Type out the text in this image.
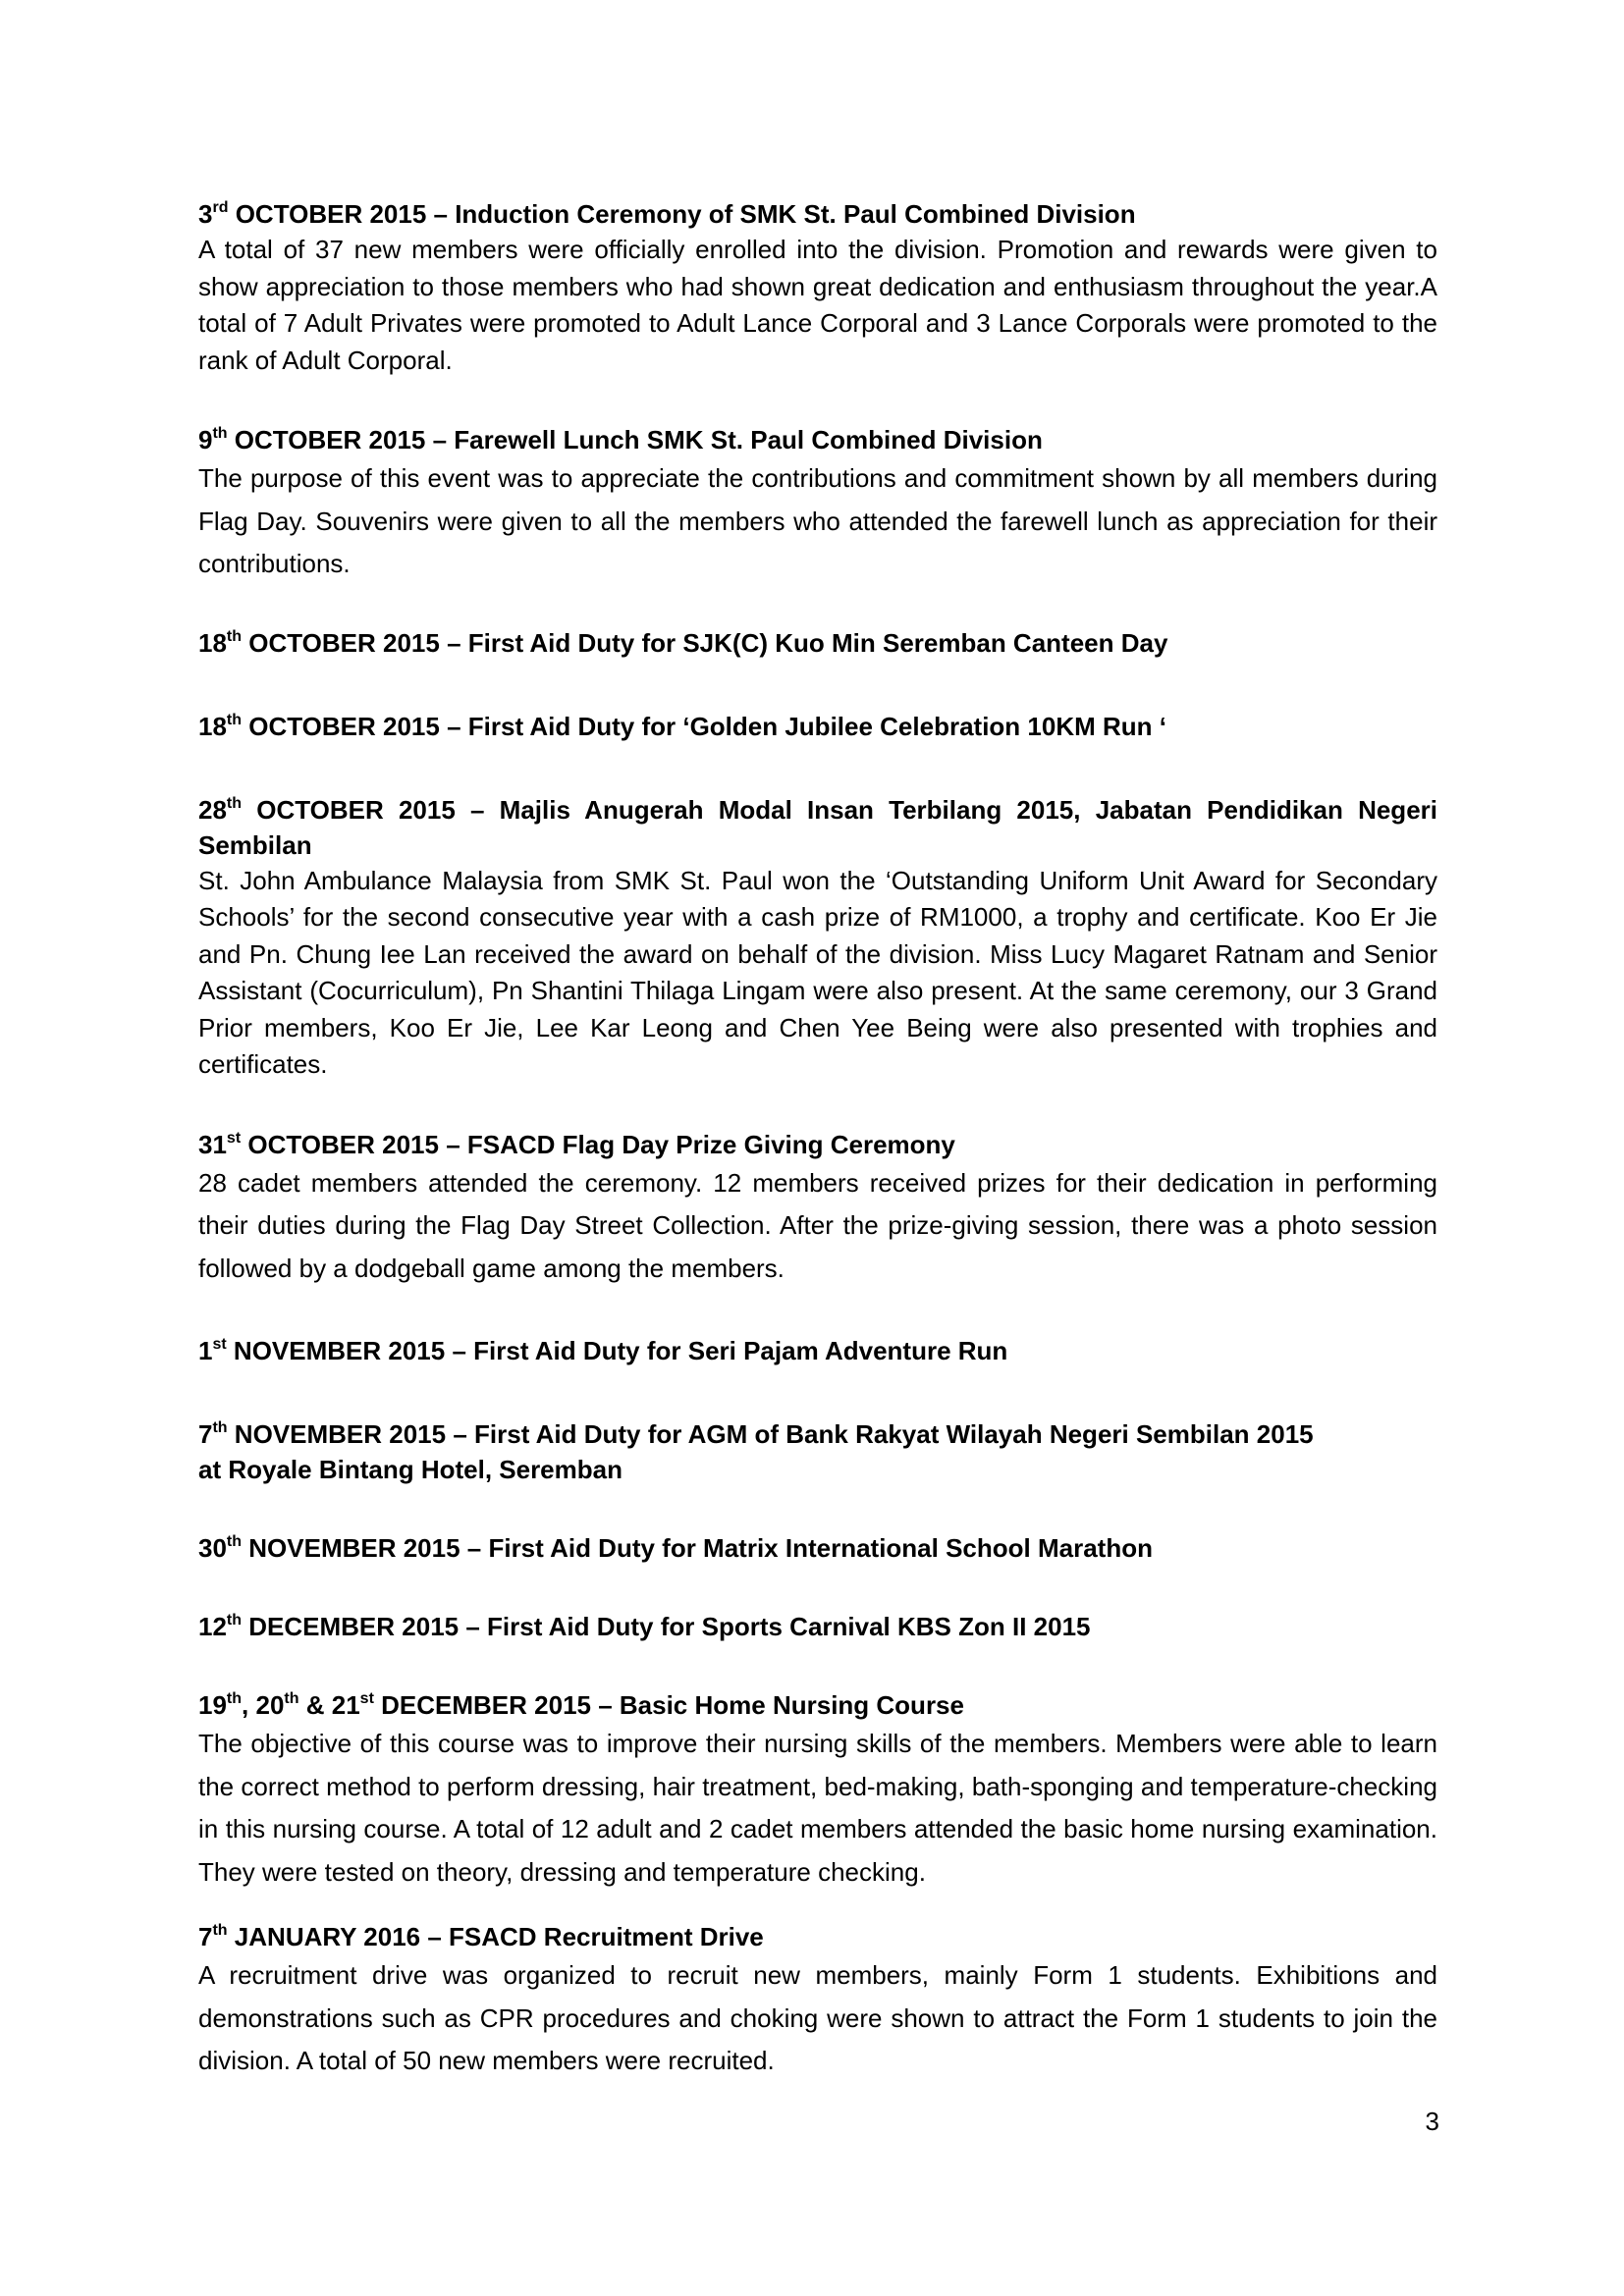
3rd OCTOBER 2015 – Induction Ceremony of SMK St. Paul Combined Division
A total of 37 new members were officially enrolled into the division. Promotion and rewards were given to show appreciation to those members who had shown great dedication and enthusiasm throughout the year.A total of 7 Adult Privates were promoted to Adult Lance Corporal and 3 Lance Corporals were promoted to the rank of Adult Corporal.
9th OCTOBER 2015 – Farewell Lunch SMK St. Paul Combined Division
The purpose of this event was to appreciate the contributions and commitment shown by all members during Flag Day. Souvenirs were given to all the members who attended the farewell lunch as appreciation for their contributions.
18th OCTOBER 2015 – First Aid Duty for SJK(C) Kuo Min Seremban Canteen Day
18th OCTOBER 2015 – First Aid Duty for ‘Golden Jubilee Celebration 10KM Run ‘
28th OCTOBER 2015 – Majlis Anugerah Modal Insan Terbilang 2015, Jabatan Pendidikan Negeri Sembilan
St. John Ambulance Malaysia from SMK St. Paul won the ‘Outstanding Uniform Unit Award for Secondary Schools’ for the second consecutive year with a cash prize of RM1000, a trophy and certificate. Koo Er Jie and Pn. Chung Iee Lan received the award on behalf of the division. Miss Lucy Magaret Ratnam and Senior Assistant (Cocurriculum), Pn Shantini Thilaga Lingam were also present. At the same ceremony, our 3 Grand Prior members, Koo Er Jie, Lee Kar Leong and Chen Yee Being were also presented with trophies and certificates.
31st OCTOBER 2015 – FSACD Flag Day Prize Giving Ceremony
28 cadet members attended the ceremony. 12 members received prizes for their dedication in performing their duties during the Flag Day Street Collection. After the prize-giving session, there was a photo session followed by a dodgeball game among the members.
1st NOVEMBER 2015 – First Aid Duty for Seri Pajam Adventure Run
7th NOVEMBER 2015 – First Aid Duty for AGM of Bank Rakyat Wilayah Negeri Sembilan 2015
at Royale Bintang Hotel, Seremban
30th NOVEMBER 2015 – First Aid Duty for Matrix International School Marathon
12th DECEMBER 2015 – First Aid Duty for Sports Carnival KBS Zon II 2015
19th, 20th & 21st DECEMBER 2015 – Basic Home Nursing Course
The objective of this course was to improve their nursing skills of the members. Members were able to learn the correct method to perform dressing, hair treatment, bed-making, bath-sponging and temperature-checking in this nursing course. A total of 12 adult and 2 cadet members attended the basic home nursing examination. They were tested on theory, dressing and temperature checking.
7th JANUARY 2016 – FSACD Recruitment Drive
A recruitment drive was organized to recruit new members, mainly Form 1 students. Exhibitions and demonstrations such as CPR procedures and choking were shown to attract the Form 1 students to join the division. A total of 50 new members were recruited.
3
